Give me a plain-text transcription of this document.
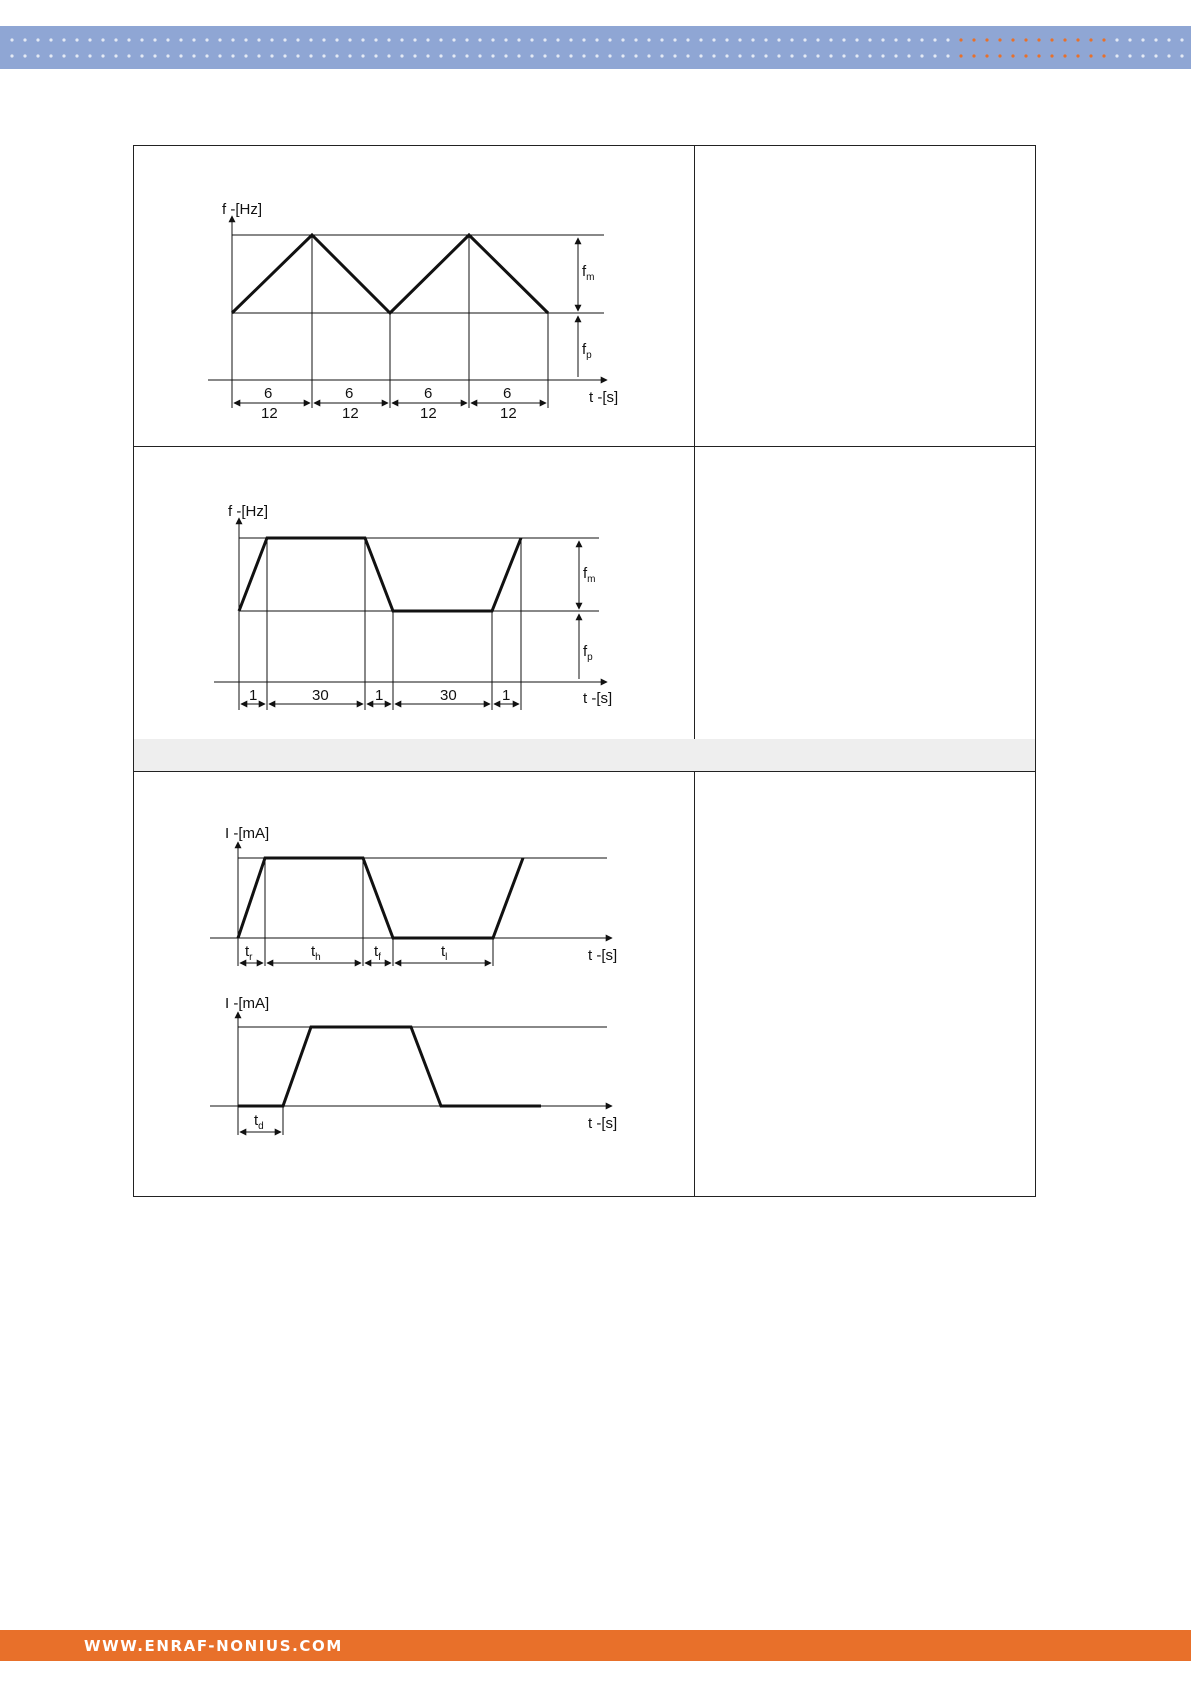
f -[Hz]
t -[s]
$f_m$
$f_p$
6	6	6	6
12	12	12	12
f -[Hz]
t -[s]
$f_m$
$f_p$
1	30	1	30	1
I -[mA]
t -[s]
$t_r$	$t_h$	$t_f$	$t_l$
I -[mA]
t -[s]
$t_d$
WWW.ENRAF-NONIUS.COM
